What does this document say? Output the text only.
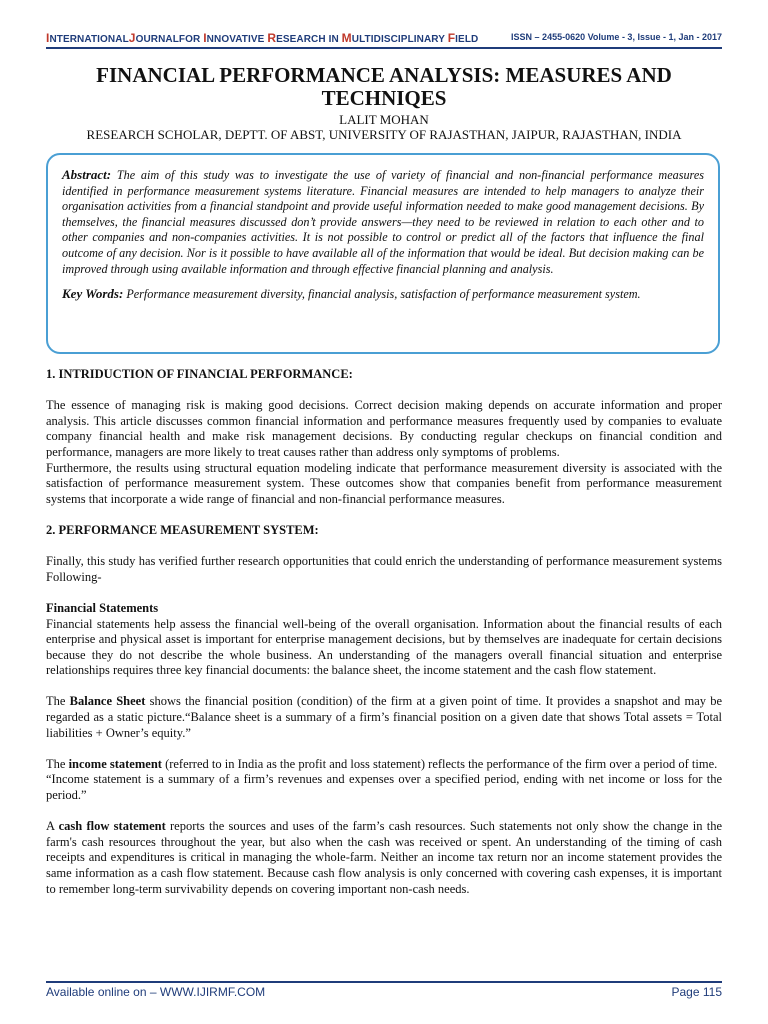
INTERNATIONALJOURNALFOR INNOVATIVE RESEARCH IN MULTIDISCIPLINARY FIELD	ISSN – 2455-0620 Volume - 3, Issue - 1, Jan - 2017
FINANCIAL PERFORMANCE ANALYSIS: MEASURES AND TECHNIQES
LALIT MOHAN
RESEARCH SCHOLAR, DEPTT. OF ABST, UNIVERSITY OF RAJASTHAN, JAIPUR, RAJASTHAN, INDIA

Abstract: The aim of this study was to investigate the use of variety of financial and non-financial performance measures identified in performance measurement systems literature. Financial measures are intended to help managers to analyze their organisation activities from a financial standpoint and provide useful information needed to make good management decisions. By themselves, the financial measures discussed don’t provide answers—they need to be reviewed in relation to each other and to other companies and non-companies activities. It is not possible to control or predict all of the factors that influence the final outcome of any decision. Nor is it possible to have available all of the information that would be ideal. But decision making can be improved through using available information and through effective financial planning and analysis.

Key Words: Performance measurement diversity, financial analysis, satisfaction of performance measurement system.

1. INTRIDUCTION OF FINANCIAL PERFORMANCE:

The essence of managing risk is making good decisions. Correct decision making depends on accurate information and proper analysis. This article discusses common financial information and performance measures frequently used by companies to evaluate company financial health and make risk management decisions. By conducting regular checkups on financial condition and performance, managers are more likely to treat causes rather than address only symptoms of problems.

Furthermore, the results using structural equation modeling indicate that performance measurement diversity is associated with the satisfaction of performance measurement system. These outcomes show that companies benefit from performance measurement systems that incorporate a wide range of financial and non-financial performance measures.

2. PERFORMANCE MEASUREMENT SYSTEM:

Finally, this study has verified further research opportunities that could enrich the understanding of performance measurement systems Following-

Financial Statements

Financial statements help assess the financial well-being of the overall organisation. Information about the financial results of each enterprise and physical asset is important for enterprise management decisions, but by themselves are inadequate for certain decisions because they do not describe the whole business. An understanding of the managers overall financial situation and enterprise relationships requires three key financial documents: the balance sheet, the income statement and the cash flow statement.

The Balance Sheet shows the financial position (condition) of the firm at a given point of time. It provides a snapshot and may be regarded as a static picture.“Balance sheet is a summary of a firm’s financial position on a given date that shows Total assets = Total liabilities + Owner’s equity.”

The income statement (referred to in India as the profit and loss statement) reflects the performance of the firm over a period of time.

“Income statement is a summary of a firm’s revenues and expenses over a specified period, ending with net income or loss for the period.”

A cash flow statement reports the sources and uses of the farm’s cash resources. Such statements not only show the change in the farm's cash resources throughout the year, but also when the cash was received or spent. An understanding of the timing of cash receipts and expenditures is critical in managing the whole-farm. Neither an income tax return nor an income statement provides the same information as a cash flow statement. Because cash flow analysis is only concerned with covering cash expenses, it is important to remember long-term survivability depends on covering important non-cash needs.

Available online on – WWW.IJIRMF.COM	Page 115
